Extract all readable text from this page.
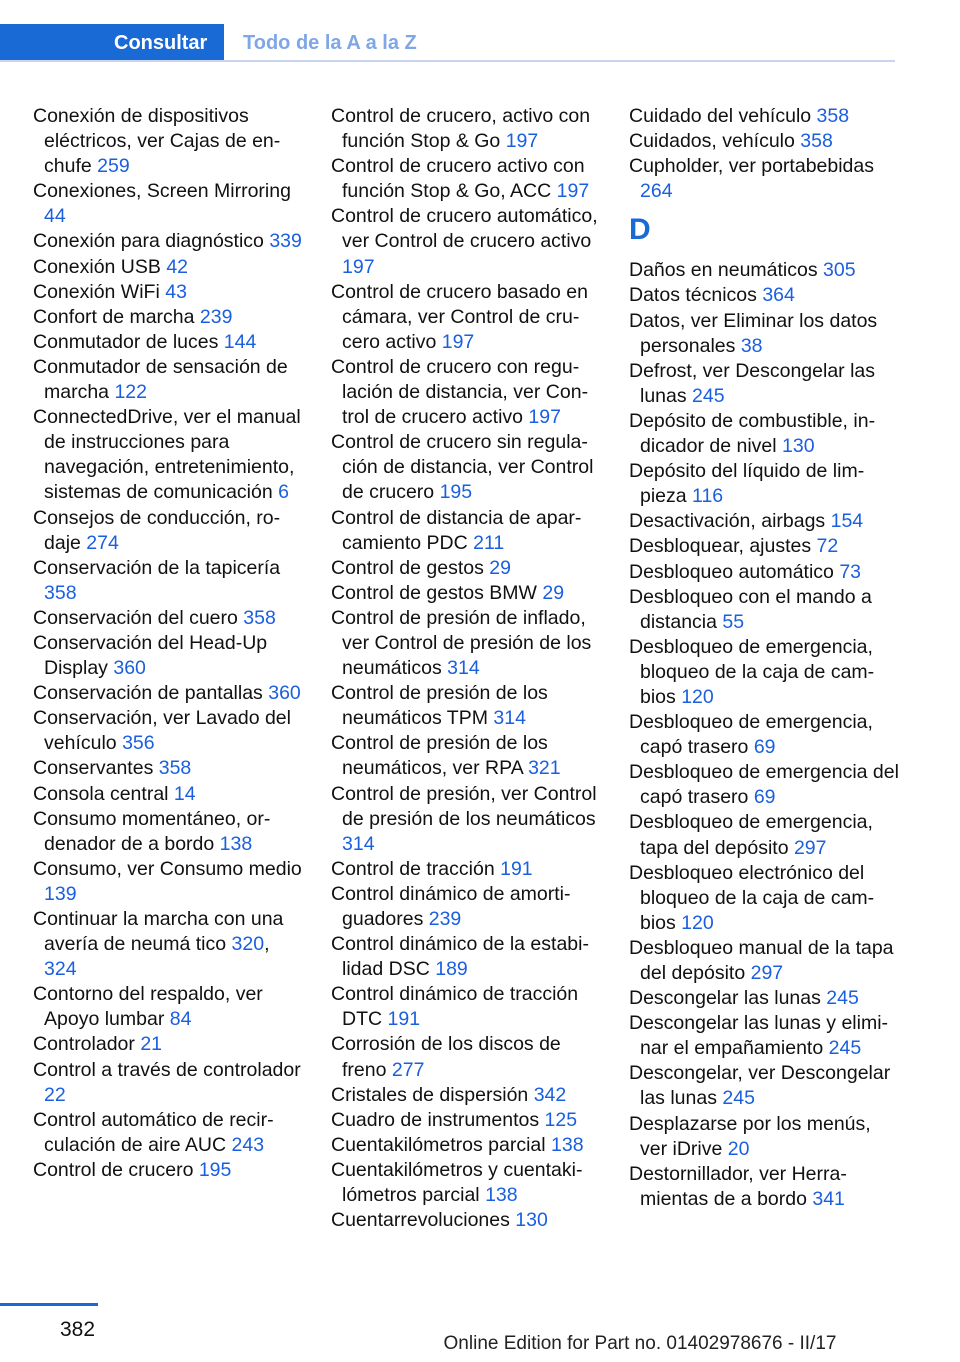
Consultar	Todo de la A a la Z

Conexión de dispositivos eléctricos, ver Cajas de enchufe 259

Conexiones, Screen Mirroring 44

Conexión para diagnóstico 339

Conexión USB 42

Conexión WiFi 43

Confort de marcha 239

Conmutador de luces 144

Conmutador de sensación de marcha 122

ConnectedDrive, ver el manual de instrucciones para navegación, entretenimiento, sistemas de comunicación 6

Consejos de conducción, rodaje 274

Conservación de la tapicería 358

Conservación del cuero 358

Conservación del Head-Up Display 360

Conservación de pantallas 360

Conservación, ver Lavado del vehículo 356

Conservantes 358

Consola central 14

Consumo momentáneo, ordenador de a bordo 138

Consumo, ver Consumo medio 139

Continuar la marcha con una avería de neumá tico 320, 324

Contorno del respaldo, ver Apoyo lumbar 84

Controlador 21

Control a través de controlador 22

Control automático de recirculación de aire AUC 243

Control de crucero 195

Control de crucero, activo con función Stop & Go 197

Control de crucero activo con función Stop & Go, ACC 197

Control de crucero automático, ver Control de crucero activo 197

Control de crucero basado en cámara, ver Control de crucero activo 197

Control de crucero con regulación de distancia, ver Control de crucero activo 197

Control de crucero sin regulación de distancia, ver Control de crucero 195

Control de distancia de aparcamiento PDC 211

Control de gestos 29

Control de gestos BMW 29

Control de presión de inflado, ver Control de presión de los neumáticos 314

Control de presión de los neumáticos TPM 314

Control de presión de los neumáticos, ver RPA 321

Control de presión, ver Control de presión de los neumáticos 314

Control de tracción 191

Control dinámico de amortiguadores 239

Control dinámico de la estabilidad DSC 189

Control dinámico de tracción DTC 191

Corrosión de los discos de freno 277

Cristales de dispersión 342

Cuadro de instrumentos 125

Cuentakilómetros parcial 138

Cuentakilómetros y cuentakilómetros parcial 138

Cuentarrevoluciones 130

Cuidado del vehículo 358

Cuidados, vehículo 358

Cupholder, ver portabebidas 264

D

Daños en neumáticos 305

Datos técnicos 364

Datos, ver Eliminar los datos personales 38

Defrost, ver Descongelar las lunas 245

Depósito de combustible, indicador de nivel 130

Depósito del líquido de limpieza 116

Desactivación, airbags 154

Desbloquear, ajustes 72

Desbloqueo automático 73

Desbloqueo con el mando a distancia 55

Desbloqueo de emergencia, bloqueo de la caja de cambios 120

Desbloqueo de emergencia, capó trasero 69

Desbloqueo de emergencia del capó trasero 69

Desbloqueo de emergencia, tapa del depósito 297

Desbloqueo electrónico del bloqueo de la caja de cambios 120

Desbloqueo manual de la tapa del depósito 297

Descongelar las lunas 245

Descongelar las lunas y eliminar el empañamiento 245

Descongelar, ver Descongelar las lunas 245

Desplazarse por los menús, ver iDrive 20

Destornillador, ver Herramientas de a bordo 341

382
Online Edition for Part no. 01402978676 - II/17
